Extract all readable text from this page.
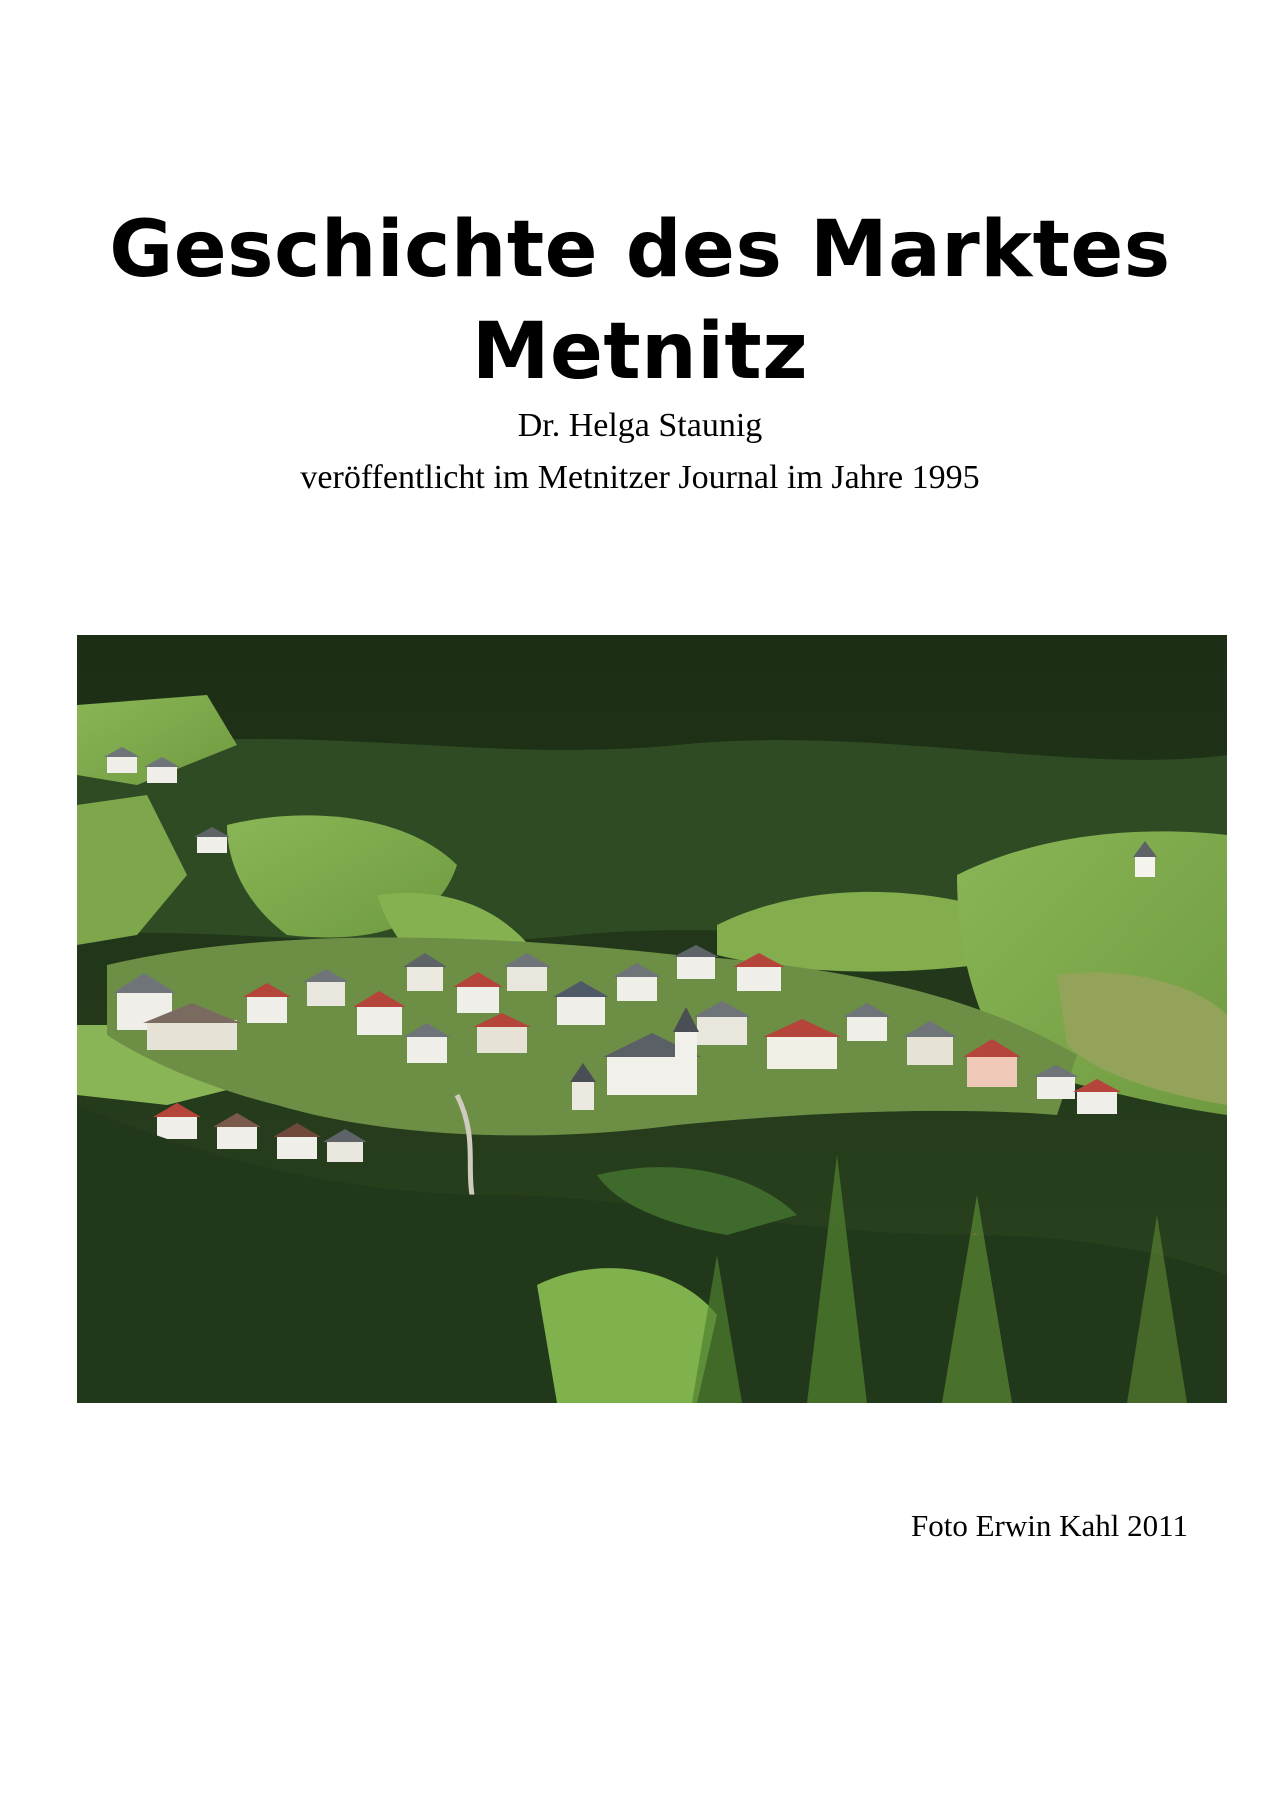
Geschichte des Marktes
Metnitz
Dr. Helga Staunig
veröffentlicht im Metnitzer Journal im Jahre 1995
Foto Erwin Kahl 2011
